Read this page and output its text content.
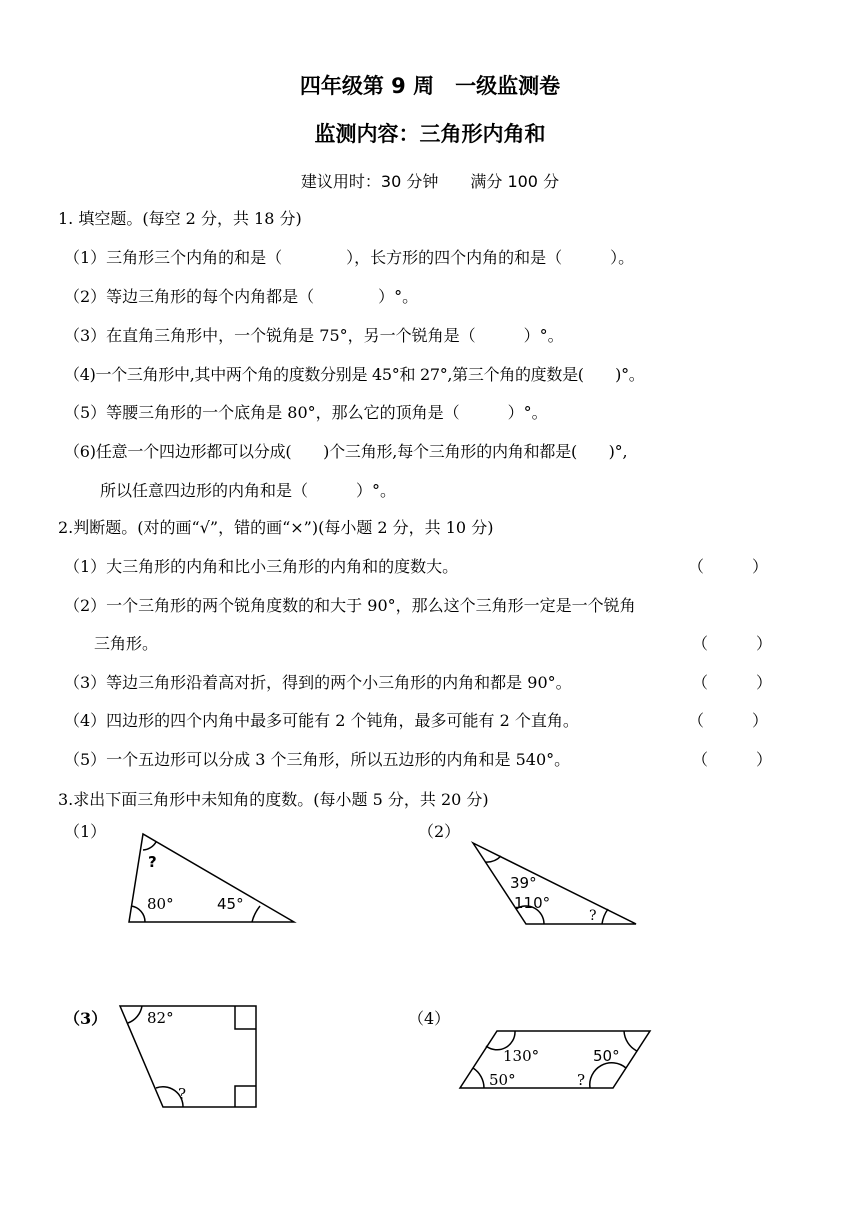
四年级第 9 周　一级监测卷
监测内容：三角形内角和
建议用时：30 分钟　　满分 100 分
1. 填空题。(每空 2 分，共 18 分)
（1）三角形三个内角的和是（　　　　），长方形的四个内角的和是（　　　）。
（2）等边三角形的每个内角都是（　　　　）°。
（3）在直角三角形中，一个锐角是 75°，另一个锐角是（　　　）°。
（4)一个三角形中,其中两个角的度数分别是 45°和 27°,第三个角的度数是(　　)°。
（5）等腰三角形的一个底角是 80°，那么它的顶角是（　　　）°。
（6)任意一个四边形都可以分成(　　)个三角形,每个三角形的内角和都是(　　)°,
所以任意四边形的内角和是（　　　）°。
2.判断题。(对的画“√”，错的画“×”)(每小题 2 分，共 10 分)
（1）大三角形的内角和比小三角形的内角和的度数大。	（　　　）
（2）一个三角形的两个锐角度数的和大于 90°，那么这个三角形一定是一个锐角
三角形。	（　　　）
（3）等边三角形沿着高对折，得到的两个小三角形的内角和都是 90°。	（　　　）
（4）四边形的四个内角中最多可能有 2 个钝角，最多可能有 2 个直角。	（　　　）
（5）一个五边形可以分成 3 个三角形，所以五边形的内角和是 540°。	（　　　）
3.求出下面三角形中未知角的度数。(每小题 5 分，共 20 分)
（1）	（2）
（3）	（4）
?
80°	45°
39°
110°
?
82°
?
130°	50°
50°	?
